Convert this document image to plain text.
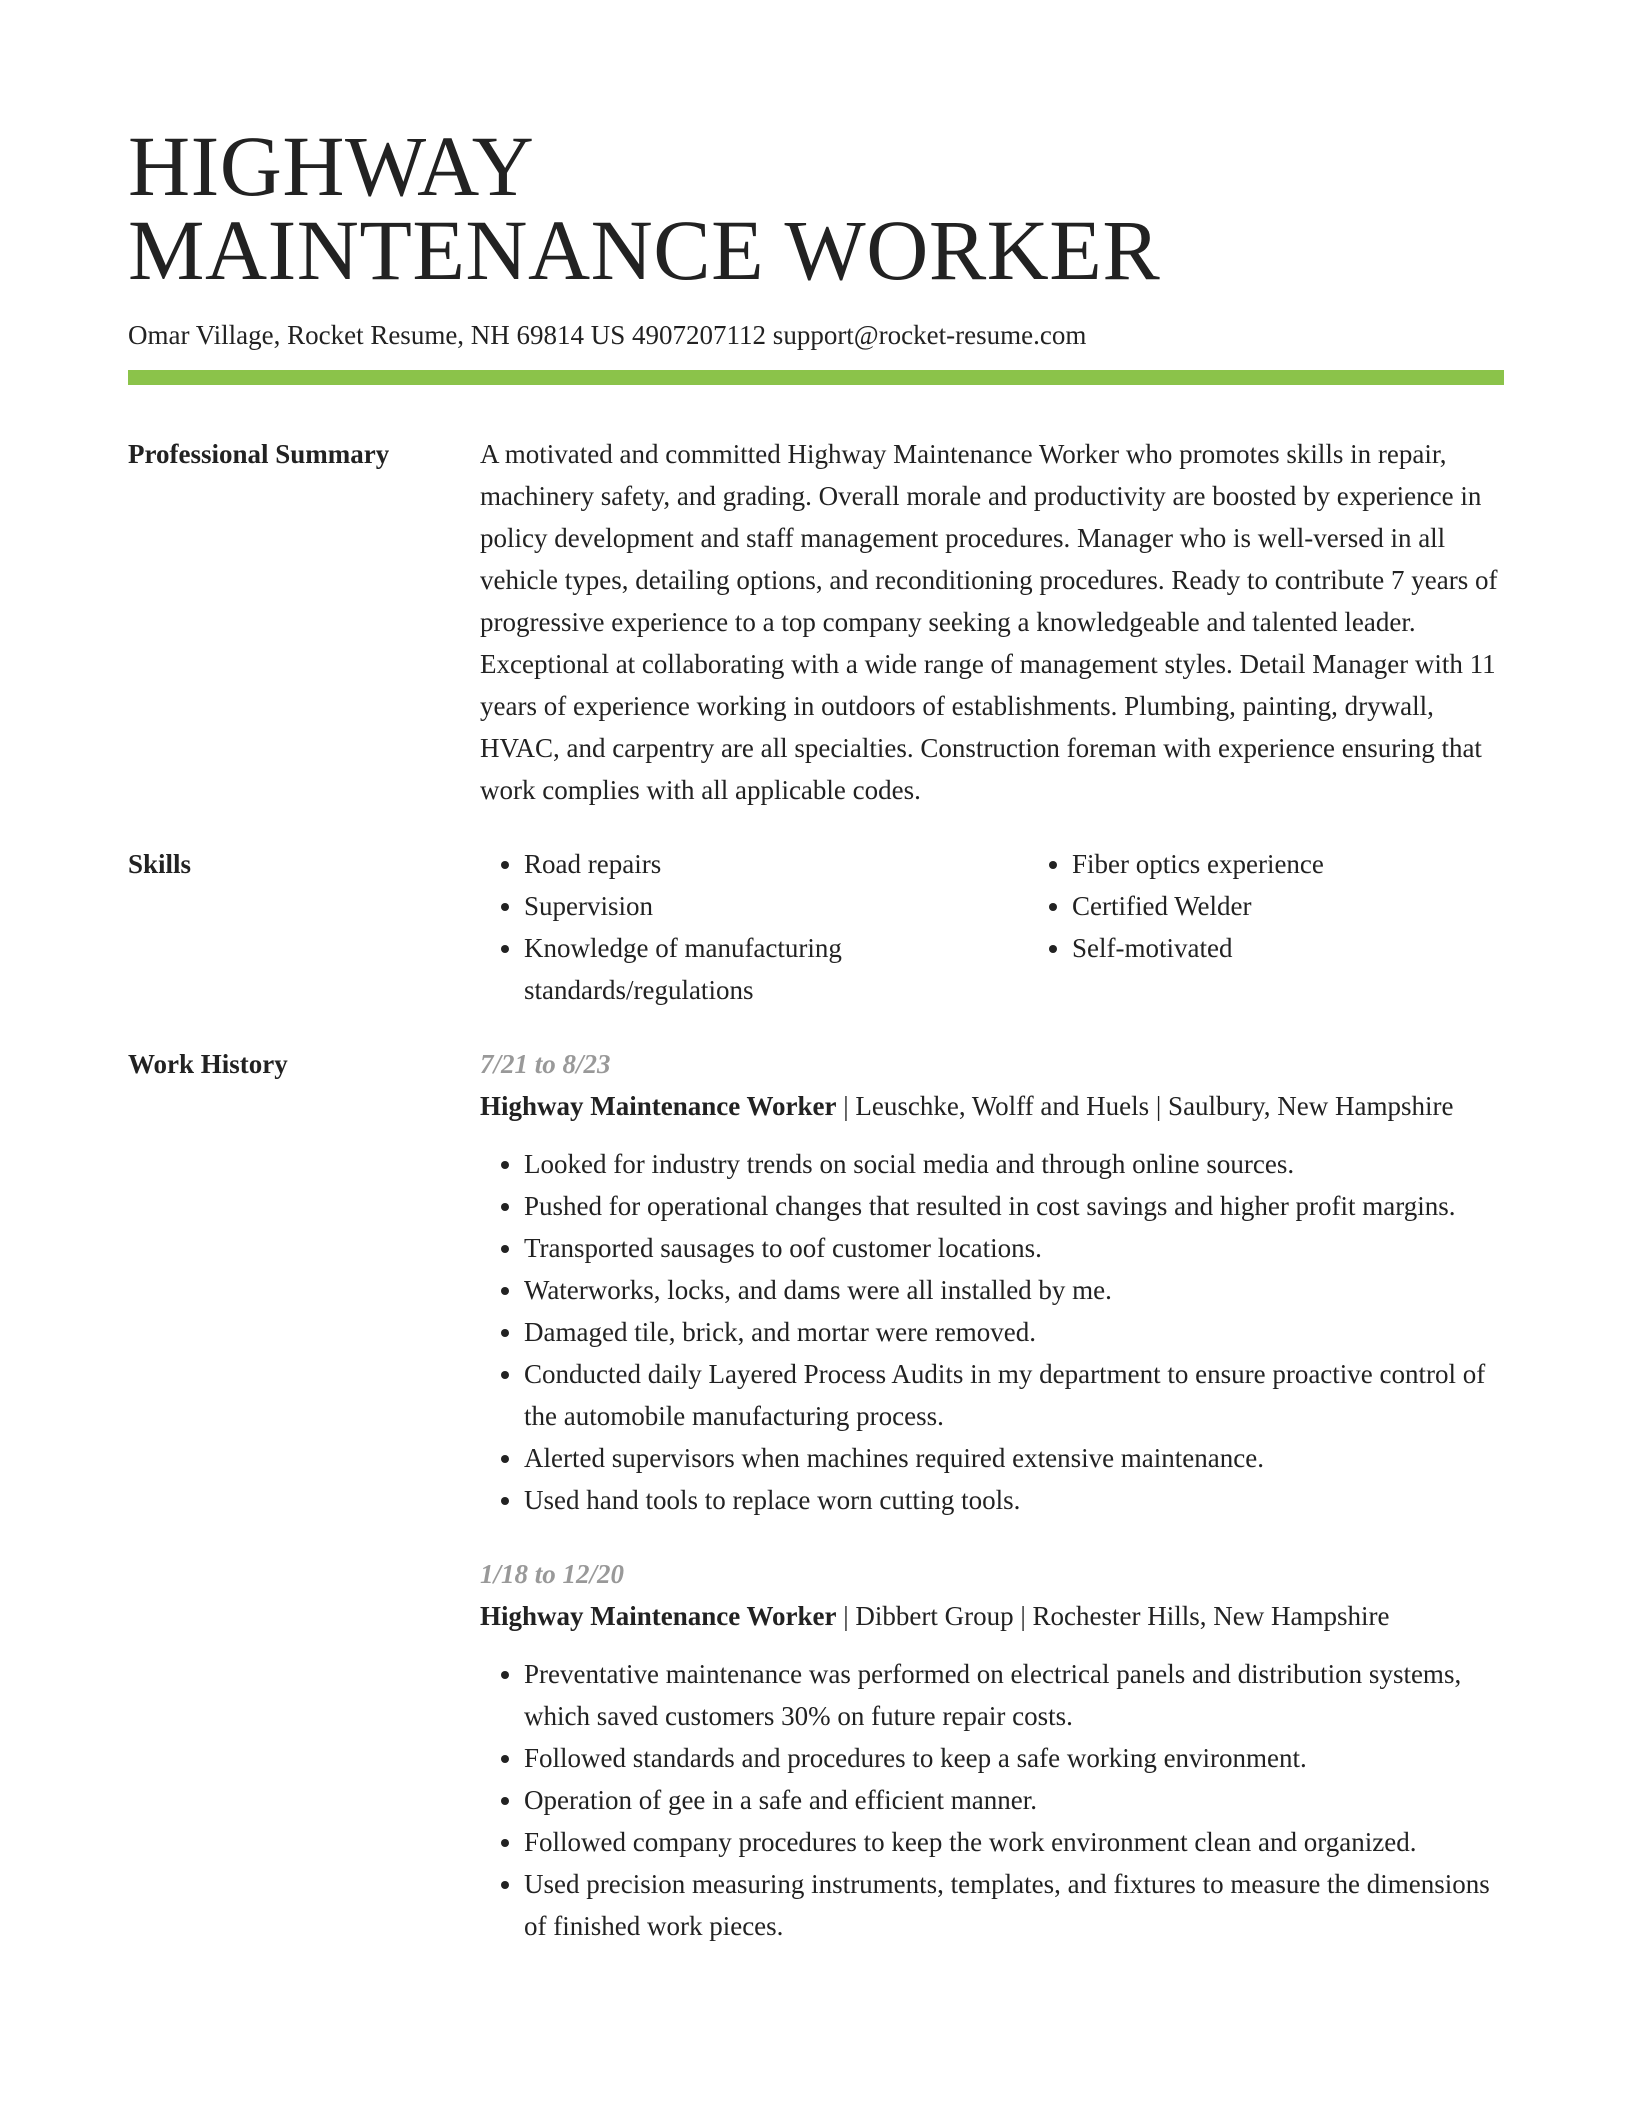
HIGHWAY
MAINTENANCE WORKER
Omar Village, Rocket Resume, NH 69814 US 4907207112 support@rocket-resume.com
Professional Summary	A motivated and committed Highway Maintenance Worker who promotes skills in repair, machinery safety, and grading. Overall morale and productivity are boosted by experience in policy development and staff management procedures. Manager who is well-versed in all vehicle types, detailing options, and reconditioning procedures. Ready to contribute 7 years of progressive experience to a top company seeking a knowledgeable and talented leader. Exceptional at collaborating with a wide range of management styles. Detail Manager with 11 years of experience working in outdoors of establishments. Plumbing, painting, drywall, HVAC, and carpentry are all specialties. Construction foreman with experience ensuring that work complies with all applicable codes.
Skills
•	Road repairs
• Supervision
• Knowledge of manufacturing standards/regulations
• Fiber optics experience
• Certified Welder
• Self-motivated
Work History	7/21 to 8/23

Highway Maintenance Worker | Leuschke, Wolff and Huels | Saulbury, New Hampshire

• Looked for industry trends on social media and through online sources.
• Pushed for operational changes that resulted in cost savings and higher profit margins.
• Transported sausages to oof customer locations.
• Waterworks, locks, and dams were all installed by me.
• Damaged tile, brick, and mortar were removed.
• Conducted daily Layered Process Audits in my department to ensure proactive control of the automobile manufacturing process.
• Alerted supervisors when machines required extensive maintenance.
• Used hand tools to replace worn cutting tools.
1/18 to 12/20

Highway Maintenance Worker | Dibbert Group | Rochester Hills, New Hampshire

• Preventative maintenance was performed on electrical panels and distribution systems, which saved customers 30% on future repair costs.
• Followed standards and procedures to keep a safe working environment.
• Operation of gee in a safe and efficient manner.
• Followed company procedures to keep the work environment clean and organized.
• Used precision measuring instruments, templates, and fixtures to measure the dimensions of finished work pieces.
